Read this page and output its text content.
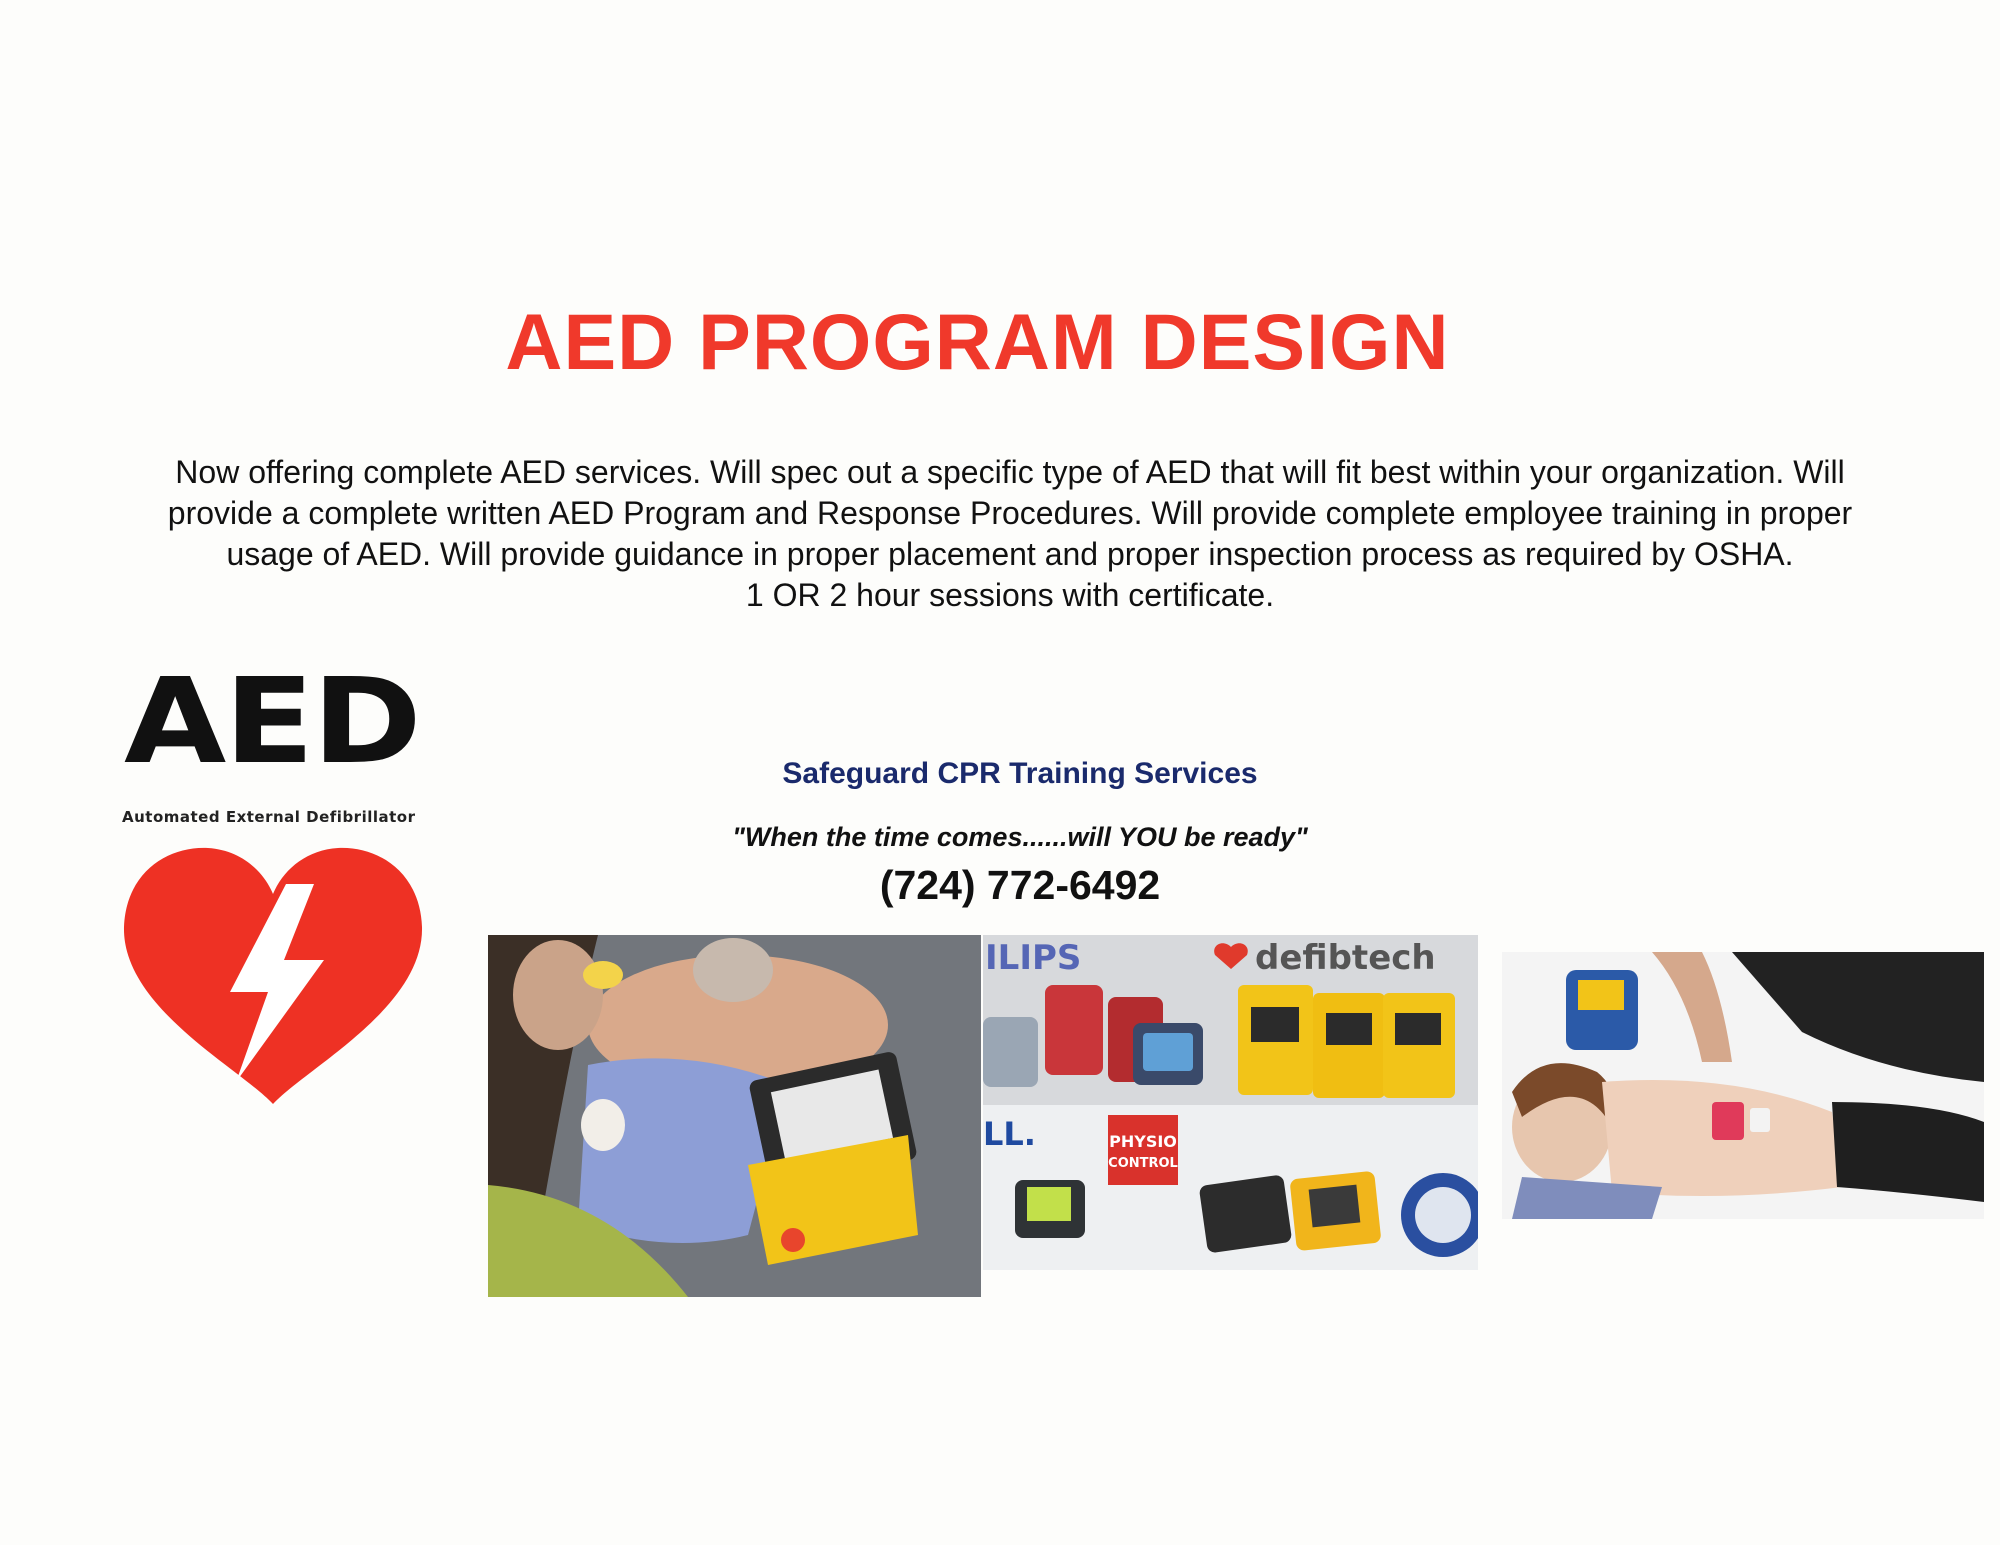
AED PROGRAM DESIGN
Now offering complete AED services. Will spec out a specific type of AED that will fit best within your organization. Will
provide a complete written AED Program and Response Procedures. Will provide complete employee training in proper
usage of AED. Will provide guidance in proper placement and proper inspection process as required by OSHA.
1 OR 2 hour sessions with certificate.
AED
Automated External Defibrillator

Safeguard CPR Training Services

"When the time comes......will YOU be ready"

(724) 772-6492

ILIPS	defibtech
LL.	PHYSIO
CONTROL
